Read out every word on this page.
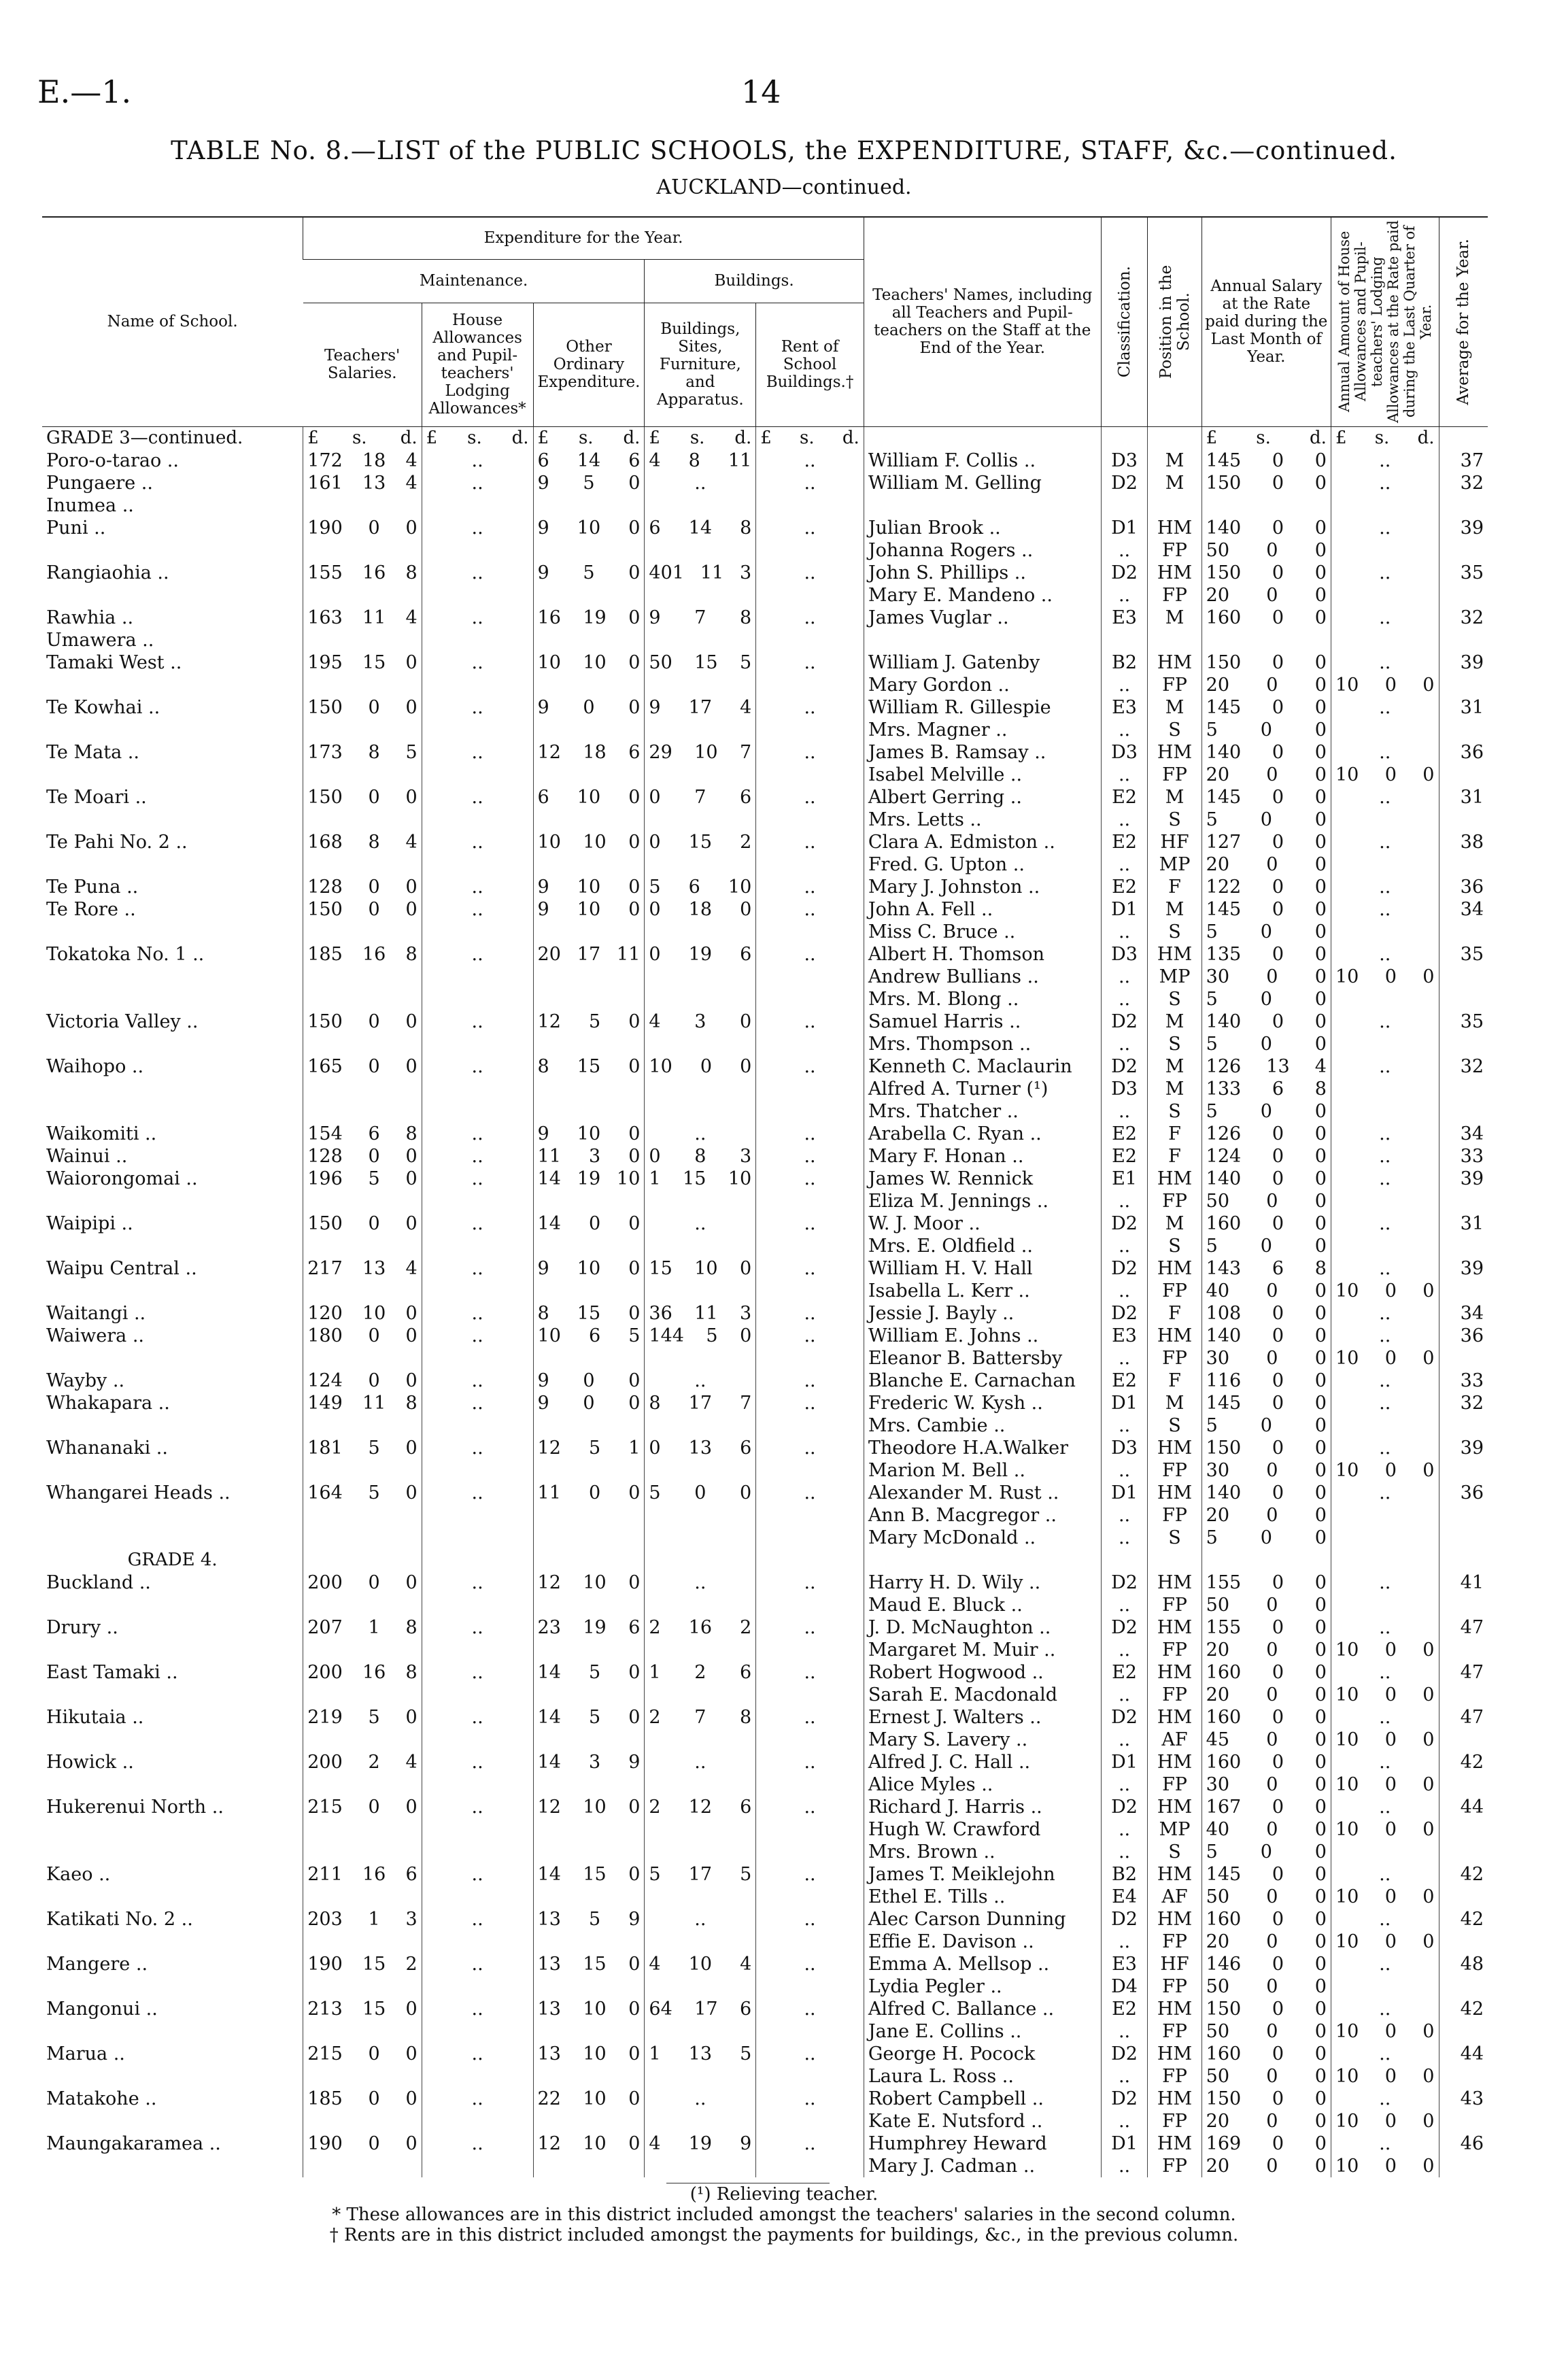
E.—1.	14
TABLE No. 8.—LIST of the PUBLIC SCHOOLS, the EXPENDITURE, STAFF, &c.—continued.
AUCKLAND—continued.
Name of School.	Expenditure for the Year.					Teachers' Names, including all Teachers and Pupil-teachers on the Staff at the End of the Year.	Classification.	Position in the School.	Annual Salary at the Rate paid during the Last Month of Year.	Annual Amount of House Allowances and Pupil-teachers' Lodging Allowances at the Rate paid during the Last Quarter of Year.	Average for the Year.

	Maintenance.			Buildings.							
	Teachers' Salaries.	House Allowances and Pupil-teachers' Lodging Allowances*	Other Ordinary Expenditure.	Buildings, Sites, Furniture, and Apparatus.	Rent of School Buildings.†						
GRADE 3—continued.	£ s. d.	£ s. d.	£ s. d.	£ s. d.	£ s. d.				£ s. d.	£ s. d.	

Poro-o-tarao ..	172 18 4	..	6 14 6	4 8 11	..	William F. Collis ..	D3	M	145 0 0	..	37
Pungaere ..	161 13 4	..	9 5 0	..	..	William M. Gelling	D2	M	150 0 0	..	32
Inumea ..											
Puni ..	190 0 0	..	9 10 0	6 14 8	..	Julian Brook ..	D1	HM	140 0 0	..	39
						Johanna Rogers ..	..	FP	50 0 0		

Rangiaohia ..	155 16 8	..	9 5 0	401 11 3	..	John S. Phillips ..	D2	HM	150 0 0	..	35
						Mary E. Mandeno ..	..	FP	20 0 0		

Rawhia ..	163 11 4	..	16 19 0	9 7 8	..	James Vuglar ..	E3	M	160 0 0	..	32
Umawera ..											
Tamaki West ..	195 15 0	..	10 10 0	50 15 5	..	William J. Gatenby	B2	HM	150 0 0	..	39
						Mary Gordon ..	..	FP	20 0 0	10 0 0	

Te Kowhai ..	150 0 0	..	9 0 0	9 17 4	..	William R. Gillespie	E3	M	145 0 0	..	31
						Mrs. Magner ..	..	S	5 0 0		

Te Mata ..	173 8 5	..	12 18 6	29 10 7	..	James B. Ramsay ..	D3	HM	140 0 0	..	36
						Isabel Melville ..	..	FP	20 0 0	10 0 0	

Te Moari ..	150 0 0	..	6 10 0	0 7 6	..	Albert Gerring ..	E2	M	145 0 0	..	31
						Mrs. Letts ..	..	S	5 0 0		

Te Pahi No. 2 ..	168 8 4	..	10 10 0	0 15 2	..	Clara A. Edmiston ..	E2	HF	127 0 0	..	38
						Fred. G. Upton ..	..	MP	20 0 0		

Te Puna ..	128 0 0	..	9 10 0	5 6 10	..	Mary J. Johnston ..	E2	F	122 0 0	..	36
Te Rore ..	150 0 0	..	9 10 0	0 18 0	..	John A. Fell ..	D1	M	145 0 0	..	34
						Miss C. Bruce ..	..	S	5 0 0		

Tokatoka No. 1 ..	185 16 8	..	20 17 11	0 19 6	..	Albert H. Thomson	D3	HM	135 0 0	..	35
						Andrew Bullians ..	..	MP	30 0 0	10 0 0	

						Mrs. M. Blong ..	..	S	5 0 0		

Victoria Valley ..	150 0 0	..	12 5 0	4 3 0	..	Samuel Harris ..	D2	M	140 0 0	..	35
						Mrs. Thompson ..	..	S	5 0 0		

Waihopo ..	165 0 0	..	8 15 0	10 0 0	..	Kenneth C. Maclaurin	D2	M	126 13 4	..	32
						Alfred A. Turner (¹)	D3	M	133 6 8		

						Mrs. Thatcher ..	..	S	5 0 0		

Waikomiti ..	154 6 8	..	9 10 0	..	..	Arabella C. Ryan ..	E2	F	126 0 0	..	34
Wainui ..	128 0 0	..	11 3 0	0 8 3	..	Mary F. Honan ..	E2	F	124 0 0	..	33
Waiorongomai ..	196 5 0	..	14 19 10	1 15 10	..	James W. Rennick	E1	HM	140 0 0	..	39
						Eliza M. Jennings ..	..	FP	50 0 0		

Waipipi ..	150 0 0	..	14 0 0	..	..	W. J. Moor ..	D2	M	160 0 0	..	31
						Mrs. E. Oldfield ..	..	S	5 0 0		

Waipu Central ..	217 13 4	..	9 10 0	15 10 0	..	William H. V. Hall	D2	HM	143 6 8	..	39
						Isabella L. Kerr ..	..	FP	40 0 0	10 0 0	

Waitangi ..	120 10 0	..	8 15 0	36 11 3	..	Jessie J. Bayly ..	D2	F	108 0 0	..	34
Waiwera ..	180 0 0	..	10 6 5	144 5 0	..	William E. Johns ..	E3	HM	140 0 0	..	36
						Eleanor B. Battersby	..	FP	30 0 0	10 0 0	

Wayby ..	124 0 0	..	9 0 0	..	..	Blanche E. Carnachan	E2	F	116 0 0	..	33
Whakapara ..	149 11 8	..	9 0 0	8 17 7	..	Frederic W. Kysh ..	D1	M	145 0 0	..	32
						Mrs. Cambie ..	..	S	5 0 0		

Whananaki ..	181 5 0	..	12 5 1	0 13 6	..	Theodore H.A.Walker	D3	HM	150 0 0	..	39
						Marion M. Bell ..	..	FP	30 0 0	10 0 0	

Whangarei Heads ..	164 5 0	..	11 0 0	5 0 0	..	Alexander M. Rust ..	D1	HM	140 0 0	..	36
						Ann B. Macgregor ..	..	FP	20 0 0		

						Mary McDonald ..	..	S	5 0 0		

GRADE 4.											
Buckland ..	200 0 0	..	12 10 0	..	..	Harry H. D. Wily ..	D2	HM	155 0 0	..	41
						Maud E. Bluck ..	..	FP	50 0 0		

Drury ..	207 1 8	..	23 19 6	2 16 2	..	J. D. McNaughton ..	D2	HM	155 0 0	..	47
						Margaret M. Muir ..	..	FP	20 0 0	10 0 0	

East Tamaki ..	200 16 8	..	14 5 0	1 2 6	..	Robert Hogwood ..	E2	HM	160 0 0	..	47
						Sarah E. Macdonald	..	FP	20 0 0	10 0 0	

Hikutaia ..	219 5 0	..	14 5 0	2 7 8	..	Ernest J. Walters ..	D2	HM	160 0 0	..	47
						Mary S. Lavery ..	..	AF	45 0 0	10 0 0	

Howick ..	200 2 4	..	14 3 9	..	..	Alfred J. C. Hall ..	D1	HM	160 0 0	..	42
						Alice Myles ..	..	FP	30 0 0	10 0 0	

Hukerenui North ..	215 0 0	..	12 10 0	2 12 6	..	Richard J. Harris ..	D2	HM	167 0 0	..	44
						Hugh W. Crawford	..	MP	40 0 0	10 0 0	

						Mrs. Brown ..	..	S	5 0 0		

Kaeo ..	211 16 6	..	14 15 0	5 17 5	..	James T. Meiklejohn	B2	HM	145 0 0	..	42
						Ethel E. Tills ..	E4	AF	50 0 0	10 0 0	

Katikati No. 2 ..	203 1 3	..	13 5 9	..	..	Alec Carson Dunning	D2	HM	160 0 0	..	42
						Effie E. Davison ..	..	FP	20 0 0	10 0 0	

Mangere ..	190 15 2	..	13 15 0	4 10 4	..	Emma A. Mellsop ..	E3	HF	146 0 0	..	48
						Lydia Pegler ..	D4	FP	50 0 0		

Mangonui ..	213 15 0	..	13 10 0	64 17 6	..	Alfred C. Ballance ..	E2	HM	150 0 0	..	42
						Jane E. Collins ..	..	FP	50 0 0	10 0 0	

Marua ..	215 0 0	..	13 10 0	1 13 5	..	George H. Pocock	D2	HM	160 0 0	..	44
						Laura L. Ross ..	..	FP	50 0 0	10 0 0	

Matakohe ..	185 0 0	..	22 10 0	..	..	Robert Campbell ..	D2	HM	150 0 0	..	43
						Kate E. Nutsford ..	..	FP	20 0 0	10 0 0	

Maungakaramea ..	190 0 0	..	12 10 0	4 19 9	..	Humphrey Heward	D1	HM	169 0 0	..	46
						Mary J. Cadman ..	..	FP	20 0 0	10 0 0	

(¹) Relieving teacher.
* These allowances are in this district included amongst the teachers' salaries in the second column.
† Rents are in this district included amongst the payments for buildings, &c., in the previous column.
